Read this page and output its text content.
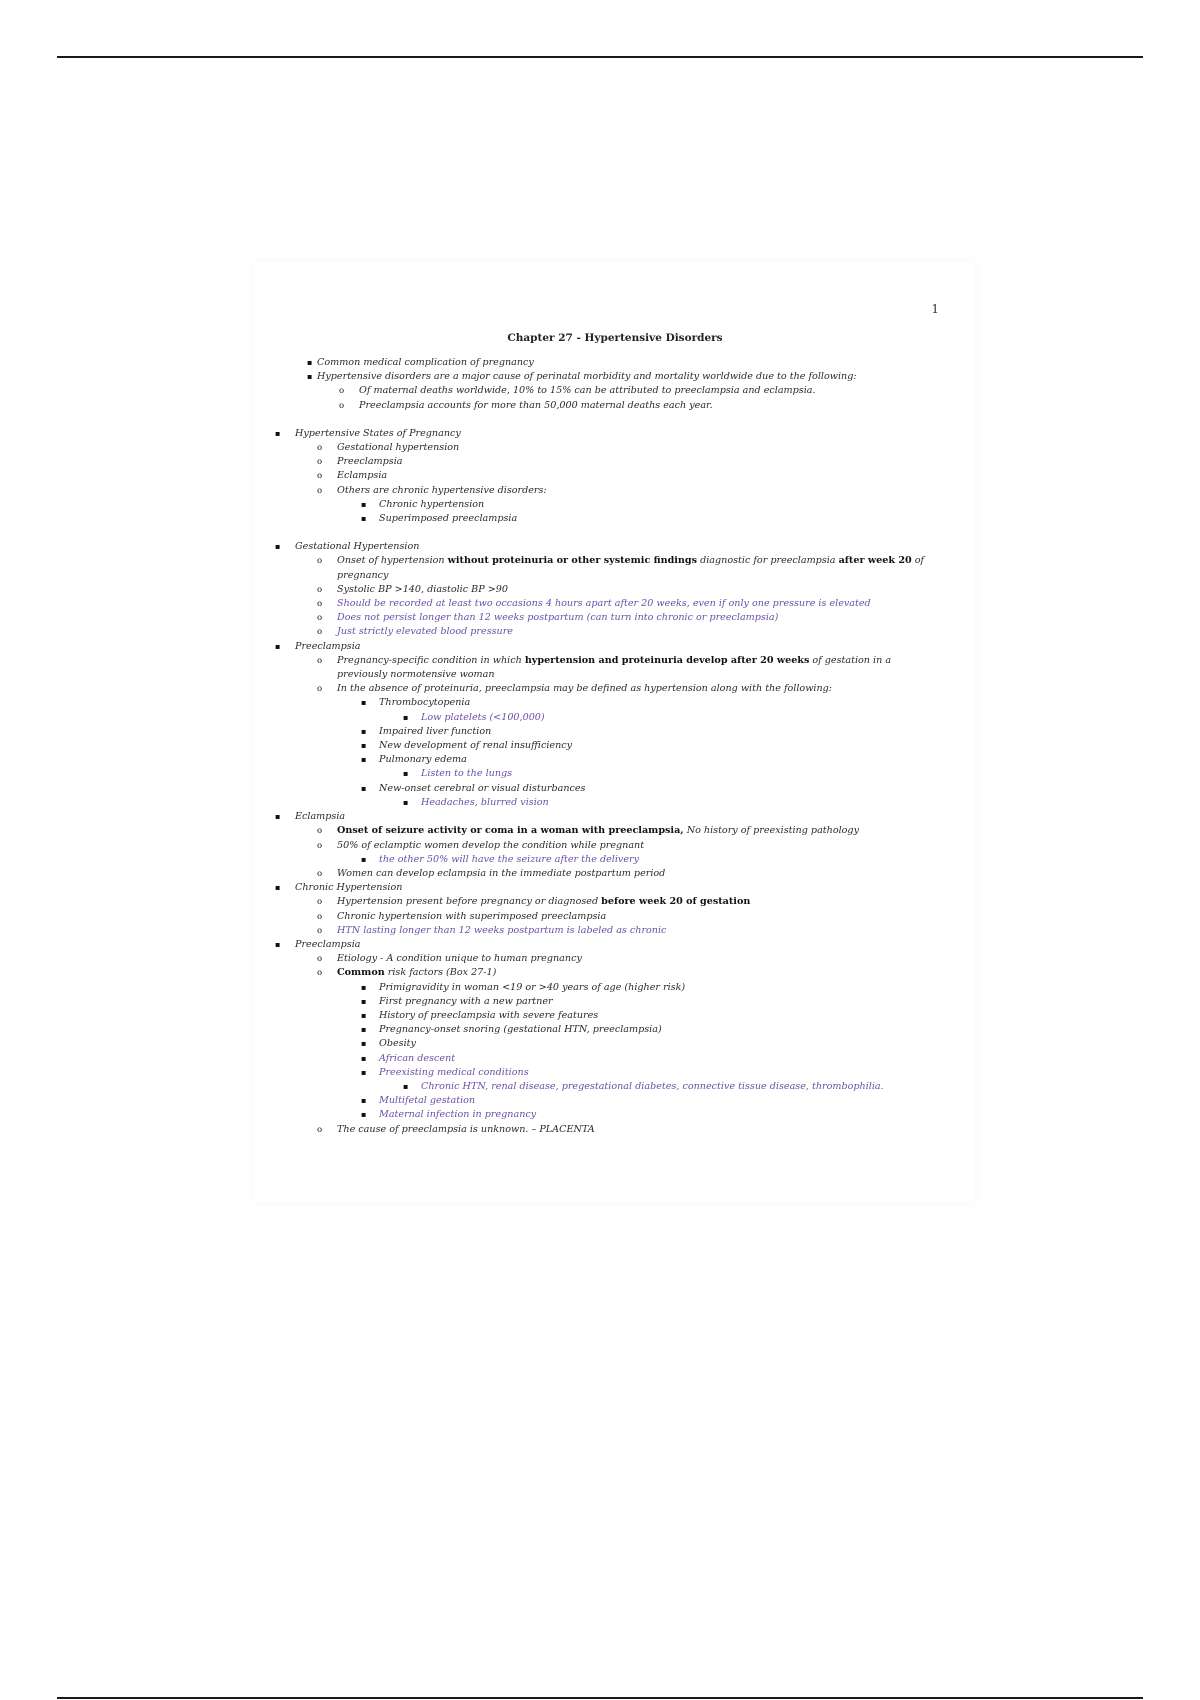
1
Chapter 27 - Hypertensive Disorders
▪
Common medical complication of pregnancy
▪
Hypertensive disorders are a major cause of perinatal morbidity and mortality worldwide due to the following:
o
Of maternal deaths worldwide, 10% to 15% can be attributed to preeclampsia and eclampsia.
o
Preeclampsia accounts for more than 50,000 maternal deaths each year.
▪
Hypertensive States of Pregnancy
o
Gestational hypertension
o
Preeclampsia
o
Eclampsia
o
Others are chronic hypertensive disorders:
▪
Chronic hypertension
▪
Superimposed preeclampsia
▪
Gestational Hypertension
o
Onset of hypertension without proteinuria or other systemic findings diagnostic for preeclampsia after week 20 of pregnancy
o
Systolic BP >140, diastolic BP >90
o
Should be recorded at least two occasions 4 hours apart after 20 weeks, even if only one pressure is elevated
o
Does not persist longer than 12 weeks postpartum (can turn into chronic or preeclampsia)
o
Just strictly elevated blood pressure
▪
Preeclampsia
o
Pregnancy-specific condition in which hypertension and proteinuria develop after 20 weeks of gestation in a previously normotensive woman
o
In the absence of proteinuria, preeclampsia may be defined as hypertension along with the following:
▪
Thrombocytopenia
▪
Low platelets (<100,000)
▪
Impaired liver function
▪
New development of renal insufficiency
▪
Pulmonary edema
▪
Listen to the lungs
▪
New-onset cerebral or visual disturbances
▪
Headaches, blurred vision
▪
Eclampsia
o
Onset of seizure activity or coma in a woman with preeclampsia, No history of preexisting pathology
o
50% of eclamptic women develop the condition while pregnant
▪
the other 50% will have the seizure after the delivery
o
Women can develop eclampsia in the immediate postpartum period
▪
Chronic Hypertension
o
Hypertension present before pregnancy or diagnosed before week 20 of gestation
o
Chronic hypertension with superimposed preeclampsia
o
HTN lasting longer than 12 weeks postpartum is labeled as chronic
▪
Preeclampsia
o
Etiology - A condition unique to human pregnancy
o
Common risk factors (Box 27-1)
▪
Primigravidity in woman <19 or >40 years of age (higher risk)
▪
First pregnancy with a new partner
▪
History of preeclampsia with severe features
▪
Pregnancy-onset snoring (gestational HTN, preeclampsia)
▪
Obesity
▪
African descent
▪
Preexisting medical conditions
▪
Chronic HTN, renal disease, pregestational diabetes, connective tissue disease, thrombophilia.
▪
Multifetal gestation
▪
Maternal infection in pregnancy
o
The cause of preeclampsia is unknown. – PLACENTA
